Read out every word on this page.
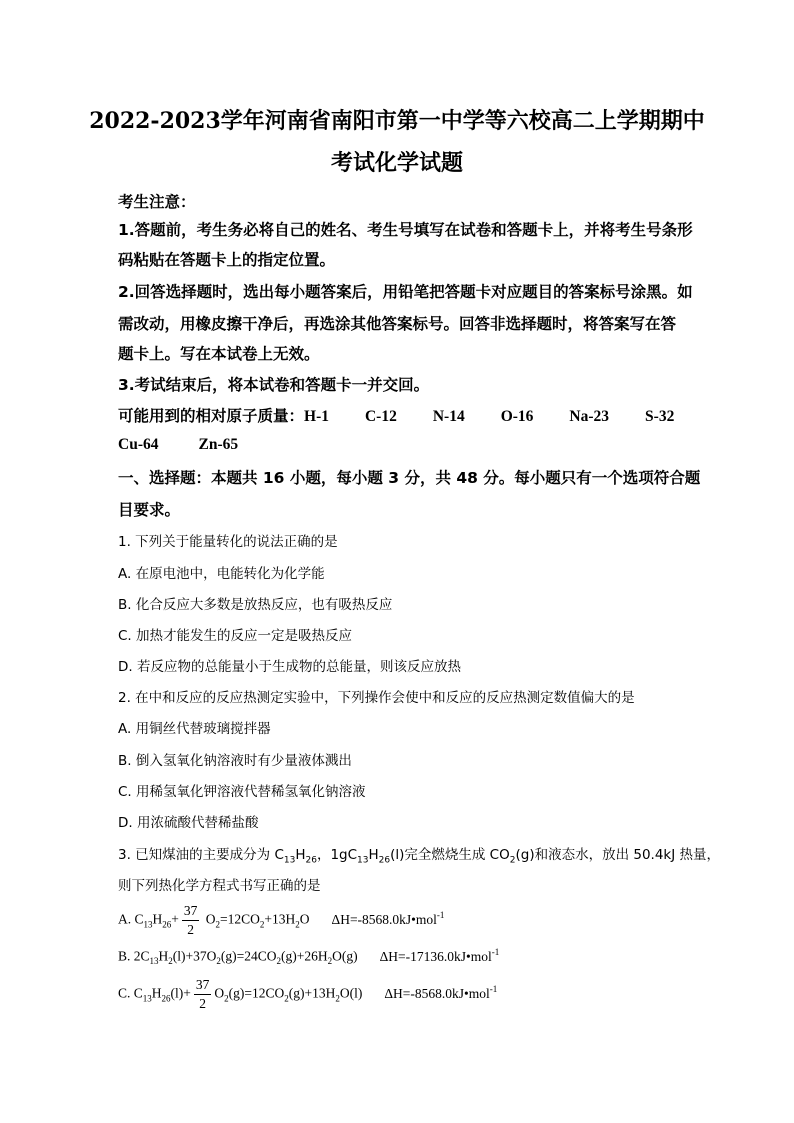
2022-2023学年河南省南阳市第一中学等六校高二上学期期中
考试化学试题
考生注意：
1.答题前，考生务必将自己的姓名、考生号填写在试卷和答题卡上，并将考生号条形
码粘贴在答题卡上的指定位置。
2.回答选择题时，选出每小题答案后，用铅笔把答题卡对应题目的答案标号涂黑。如
需改动，用橡皮擦干净后，再选涂其他答案标号。回答非选择题时，将答案写在答
题卡上。写在本试卷上无效。
3.考试结束后，将本试卷和答题卡一并交回。
可能用到的相对原子质量：H-1 C-12 N-14 O-16 Na-23 S-32
Cu-64	Zn-65
一、选择题：本题共 16 小题，每小题 3 分，共 48 分。每小题只有一个选项符合题
目要求。
1. 下列关于能量转化的说法正确的是
A. 在原电池中，电能转化为化学能
B. 化合反应大多数是放热反应，也有吸热反应
C. 加热才能发生的反应一定是吸热反应
D. 若反应物的总能量小于生成物的总能量，则该反应放热
2. 在中和反应的反应热测定实验中，下列操作会使中和反应的反应热测定数值偏大的是
A. 用铜丝代替玻璃搅拌器
B. 倒入氢氧化钠溶液时有少量液体溅出
C. 用稀氢氧化钾溶液代替稀氢氧化钠溶液
D. 用浓硫酸代替稀盐酸
3. 已知煤油的主要成分为 $C_{13}H_{26}$，$1gC_{13}H_{26}(l)$完全燃烧生成 $CO_2(g)$和液态水，放出 50.4kJ 热量，
则下列热化学方程式书写正确的是
A. $C_{13}H_{26}+ \frac{37}{2} O_2=12CO_2+13H_2O$ ΔH=-8568.0kJ•mol$^{-1}$
B. $2C_{13}H_2(l)+37O_2(g)=24CO_2(g)+26H_2O(g)$ ΔH=-17136.0kJ•mol$^{-1}$
C. $C_{13}H_{26}(l)+ \frac{37}{2} O_2(g)=12CO_2(g)+13H_2O(l)$ ΔH=-8568.0kJ•mol$^{-1}$
